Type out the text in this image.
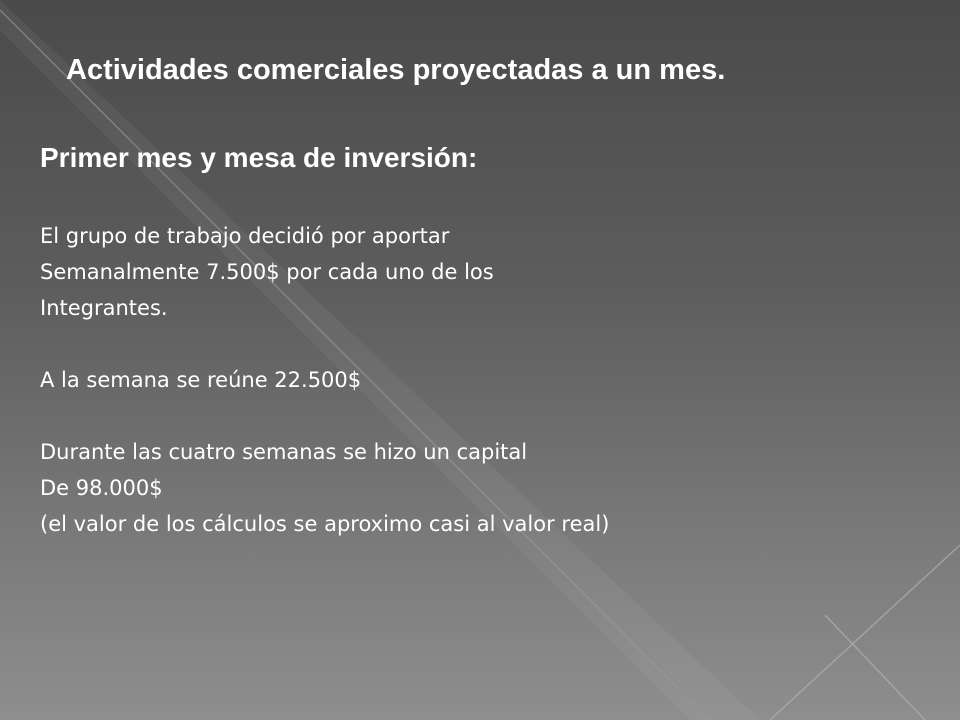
Actividades comerciales proyectadas a un mes.
Primer mes y mesa de inversión:

El grupo de trabajo decidió por aportar

Semanalmente 7.500$ por cada uno de los

Integrantes.

A la semana se reúne 22.500$

Durante las cuatro semanas se hizo un capital

De 98.000$

(el valor de los cálculos se aproximo casi al valor real)
